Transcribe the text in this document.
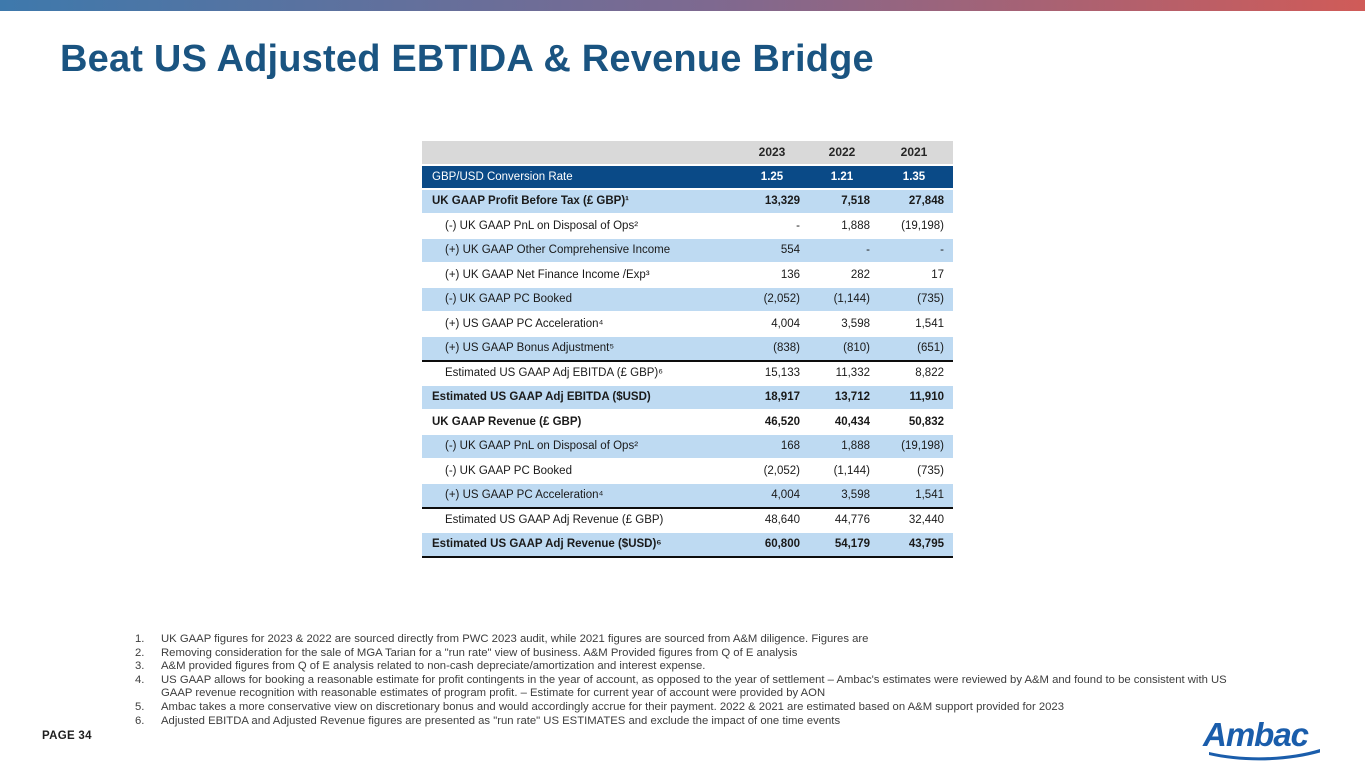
Beat US Adjusted EBTIDA & Revenue Bridge
2023	2022	2021
GBP/USD Conversion Rate	1.25	1.21	1.35
UK GAAP Profit Before Tax (£ GBP)¹	13,329	7,518	27,848
(-) UK GAAP PnL on Disposal of Ops²	-	1,888	(19,198)
(+) UK GAAP Other Comprehensive Income	554	-	-
(+) UK GAAP Net Finance Income /Exp³	136	282	17
(-) UK GAAP PC Booked	(2,052)	(1,144)	(735)
(+) US GAAP PC Acceleration⁴	4,004	3,598	1,541
(+) US GAAP Bonus Adjustment⁵	(838)	(810)	(651)
Estimated US GAAP Adj EBITDA (£ GBP)⁶	15,133	11,332	8,822
Estimated US GAAP Adj EBITDA ($USD)	18,917	13,712	11,910
UK GAAP Revenue (£ GBP)	46,520	40,434	50,832
(-) UK GAAP PnL on Disposal of Ops²	168	1,888	(19,198)
(-) UK GAAP PC Booked	(2,052)	(1,144)	(735)
(+) US GAAP PC Acceleration⁴	4,004	3,598	1,541
Estimated US GAAP Adj Revenue (£ GBP)	48,640	44,776	32,440
Estimated US GAAP Adj Revenue ($USD)⁶	60,800	54,179	43,795
1.	UK GAAP figures for 2023 & 2022 are sourced directly from PWC 2023 audit, while 2021 figures are sourced from A&M diligence. Figures are
2.	Removing consideration for the sale of MGA Tarian for a "run rate" view of business. A&M Provided figures from Q of E analysis
3.	A&M provided figures from Q of E analysis related to non-cash depreciate/amortization and interest expense.
4.	US GAAP allows for booking a reasonable estimate for profit contingents in the year of account, as opposed to the year of settlement – Ambac's estimates were reviewed by A&M and found to be consistent with US GAAP revenue recognition with reasonable estimates of program profit. – Estimate for current year of account were provided by AON
5.	Ambac takes a more conservative view on discretionary bonus and would accordingly accrue for their payment. 2022 & 2021 are estimated based on A&M support provided for 2023
6.	Adjusted EBITDA and Adjusted Revenue figures are presented as "run rate" US ESTIMATES and exclude the impact of one time events
PAGE 34	Ambac
